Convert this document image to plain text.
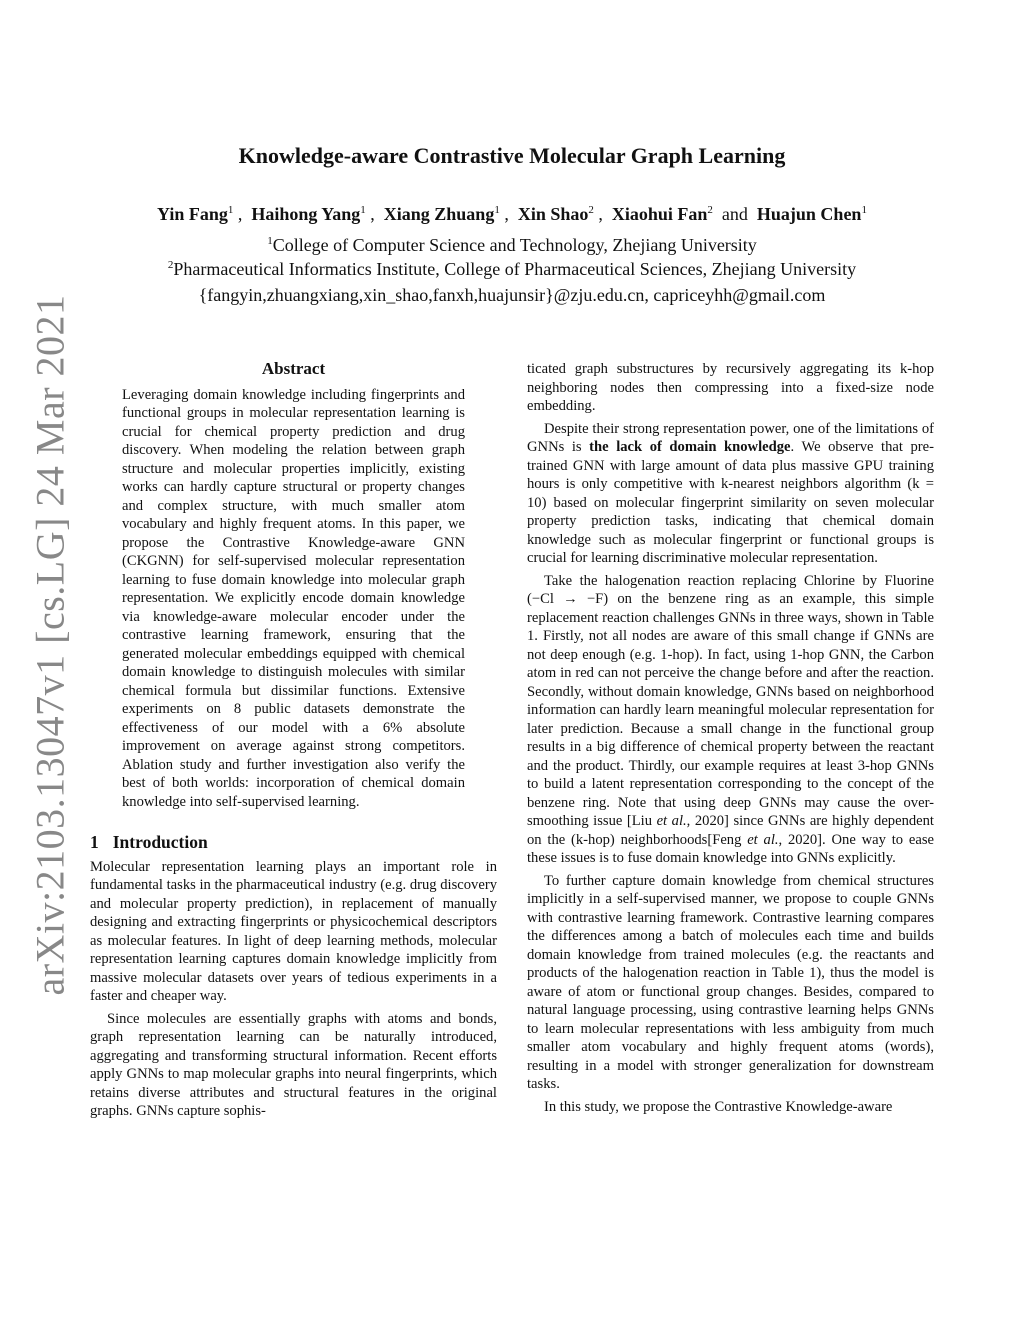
arXiv:2103.13047v1 [cs.LG] 24 Mar 2021
Knowledge-aware Contrastive Molecular Graph Learning
Yin Fang$^1$ ,  Haihong Yang$^1$ ,  Xiang Zhuang$^1$ ,  Xin Shao$^2$ ,  Xiaohui Fan$^2$ and Huajun Chen$^1$
$^1$College of Computer Science and Technology, Zhejiang University
$^2$Pharmaceutical Informatics Institute, College of Pharmaceutical Sciences, Zhejiang University
{fangyin,zhuangxiang,xin_shao,fanxh,huajunsir}@zju.edu.cn, capriceyhh@gmail.com
Abstract
Leveraging domain knowledge including fingerprints and functional groups in molecular representation learning is crucial for chemical property prediction and drug discovery. When modeling the relation between graph structure and molecular properties implicitly, existing works can hardly capture structural or property changes and complex structure, with much smaller atom vocabulary and highly frequent atoms. In this paper, we propose the Contrastive Knowledge-aware GNN (CKGNN) for self-supervised molecular representation learning to fuse domain knowledge into molecular graph representation. We explicitly encode domain knowledge via knowledge-aware molecular encoder under the contrastive learning framework, ensuring that the generated molecular embeddings equipped with chemical domain knowledge to distinguish molecules with similar chemical formula but dissimilar functions. Extensive experiments on 8 public datasets demonstrate the effectiveness of our model with a 6% absolute improvement on average against strong competitors. Ablation study and further investigation also verify the best of both worlds: incorporation of chemical domain knowledge into self-supervised learning.
1 Introduction

Molecular representation learning plays an important role in fundamental tasks in the pharmaceutical industry (e.g. drug discovery and molecular property prediction), in replacement of manually designing and extracting fingerprints or physicochemical descriptors as molecular features. In light of deep learning methods, molecular representation learning captures domain knowledge implicitly from massive molecular datasets over years of tedious experiments in a faster and cheaper way.

Since molecules are essentially graphs with atoms and bonds, graph representation learning can be naturally introduced, aggregating and transforming structural information. Recent efforts apply GNNs to map molecular graphs into neural fingerprints, which retains diverse attributes and structural features in the original graphs. GNNs capture sophis-

ticated graph substructures by recursively aggregating its k-hop neighboring nodes then compressing into a fixed-size node embedding.

Despite their strong representation power, one of the limitations of GNNs is the lack of domain knowledge. We observe that pre-trained GNN with large amount of data plus massive GPU training hours is only competitive with k-nearest neighbors algorithm (k = 10) based on molecular fingerprint similarity on seven molecular property prediction tasks, indicating that chemical domain knowledge such as molecular fingerprint or functional groups is crucial for learning discriminative molecular representation.

Take the halogenation reaction replacing Chlorine by Fluorine (−Cl → −F) on the benzene ring as an example, this simple replacement reaction challenges GNNs in three ways, shown in Table 1. Firstly, not all nodes are aware of this small change if GNNs are not deep enough (e.g. 1-hop). In fact, using 1-hop GNN, the Carbon atom in red can not perceive the change before and after the reaction. Secondly, without domain knowledge, GNNs based on neighborhood information can hardly learn meaningful molecular representation for later prediction. Because a small change in the functional group results in a big difference of chemical property between the reactant and the product. Thirdly, our example requires at least 3-hop GNNs to build a latent representation corresponding to the concept of the benzene ring. Note that using deep GNNs may cause the over-smoothing issue [Liu et al., 2020] since GNNs are highly dependent on the (k-hop) neighborhoods[Feng et al., 2020]. One way to ease these issues is to fuse domain knowledge into GNNs explicitly.

To further capture domain knowledge from chemical structures implicitly in a self-supervised manner, we propose to couple GNNs with contrastive learning framework. Contrastive learning compares the differences among a batch of molecules each time and builds domain knowledge from trained molecules (e.g. the reactants and products of the halogenation reaction in Table 1), thus the model is aware of atom or functional group changes. Besides, compared to natural language processing, using contrastive learning helps GNNs to learn molecular representations with less ambiguity from much smaller atom vocabulary and highly frequent atoms (words), resulting in a model with stronger generalization for downstream tasks.

In this study, we propose the Contrastive Knowledge-aware
